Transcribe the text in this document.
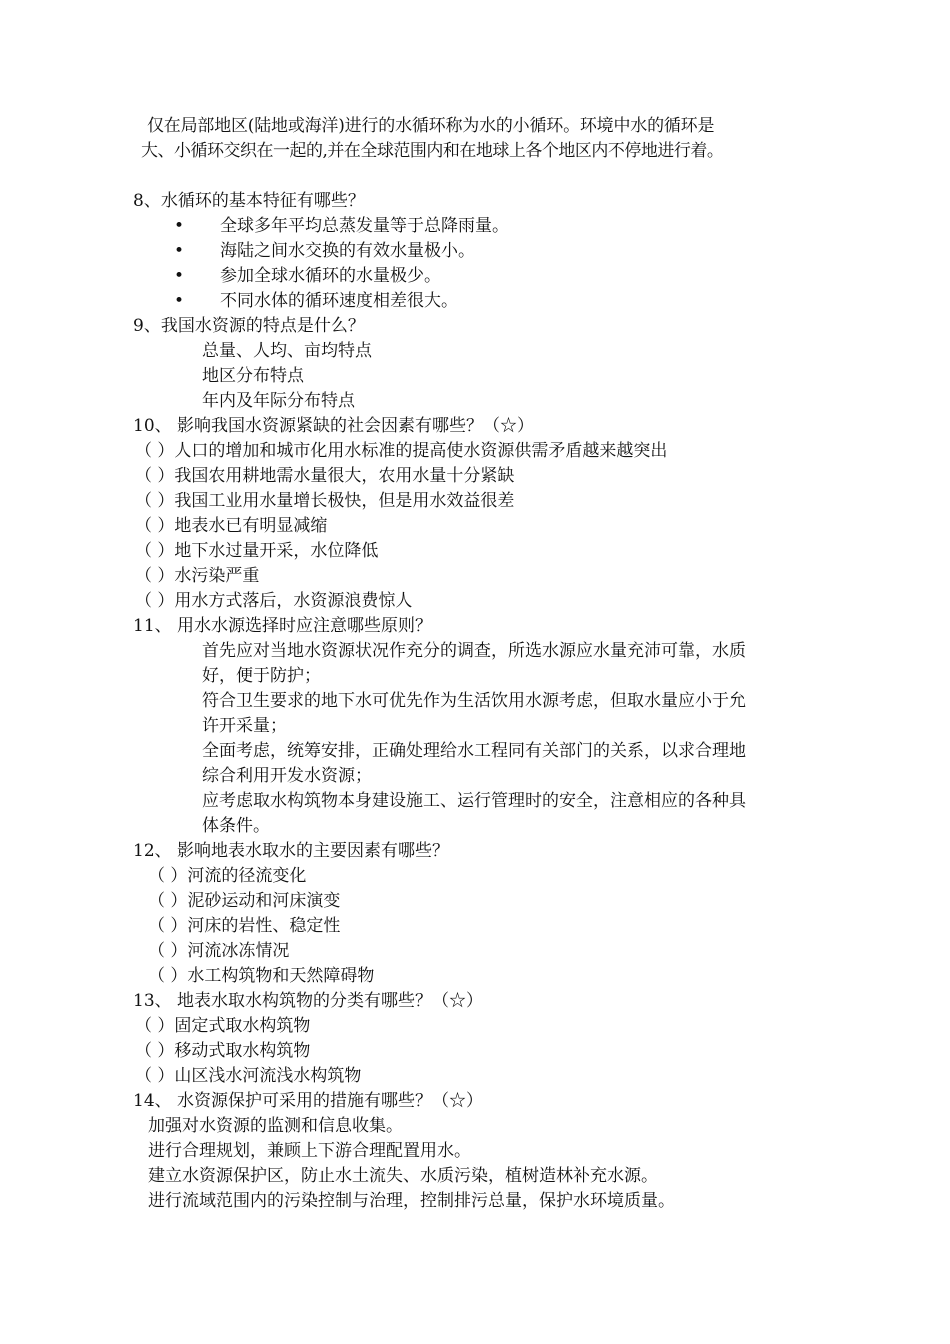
仅在局部地区(陆地或海洋)进行的水循环称为水的小循环。环境中水的循环是
大、小循环交织在一起的,并在全球范围内和在地球上各个地区内不停地进行着。
8、水循环的基本特征有哪些？
• 全球多年平均总蒸发量等于总降雨量。
• 海陆之间水交换的有效水量极小。
• 参加全球水循环的水量极少。
• 不同水体的循环速度相差很大。
9、我国水资源的特点是什么？
总量、人均、亩均特点
地区分布特点
年内及年际分布特点
10、 影响我国水资源紧缺的社会因素有哪些？（☆）
（ ）人口的增加和城市化用水标准的提高使水资源供需矛盾越来越突出
（ ）我国农用耕地需水量很大，农用水量十分紧缺
（ ）我国工业用水量增长极快，但是用水效益很差
（ ）地表水已有明显减缩
（ ）地下水过量开采，水位降低
（ ）水污染严重
（ ）用水方式落后，水资源浪费惊人
11、 用水水源选择时应注意哪些原则？
首先应对当地水资源状况作充分的调查，所选水源应水量充沛可靠，水质
好，便于防护；
符合卫生要求的地下水可优先作为生活饮用水源考虑，但取水量应小于允
许开采量；
全面考虑，统筹安排，正确处理给水工程同有关部门的关系，以求合理地
综合利用开发水资源；
应考虑取水构筑物本身建设施工、运行管理时的安全，注意相应的各种具
体条件。
12、 影响地表水取水的主要因素有哪些？
（ ）河流的径流变化
（ ）泥砂运动和河床演变
（ ）河床的岩性、稳定性
（ ）河流冰冻情况
（ ）水工构筑物和天然障碍物
13、 地表水取水构筑物的分类有哪些？（☆）
（ ）固定式取水构筑物
（ ）移动式取水构筑物
（ ）山区浅水河流浅水构筑物
14、 水资源保护可采用的措施有哪些？（☆）
加强对水资源的监测和信息收集。
进行合理规划，兼顾上下游合理配置用水。
建立水资源保护区，防止水土流失、水质污染，植树造林补充水源。
进行流域范围内的污染控制与治理，控制排污总量，保护水环境质量。
